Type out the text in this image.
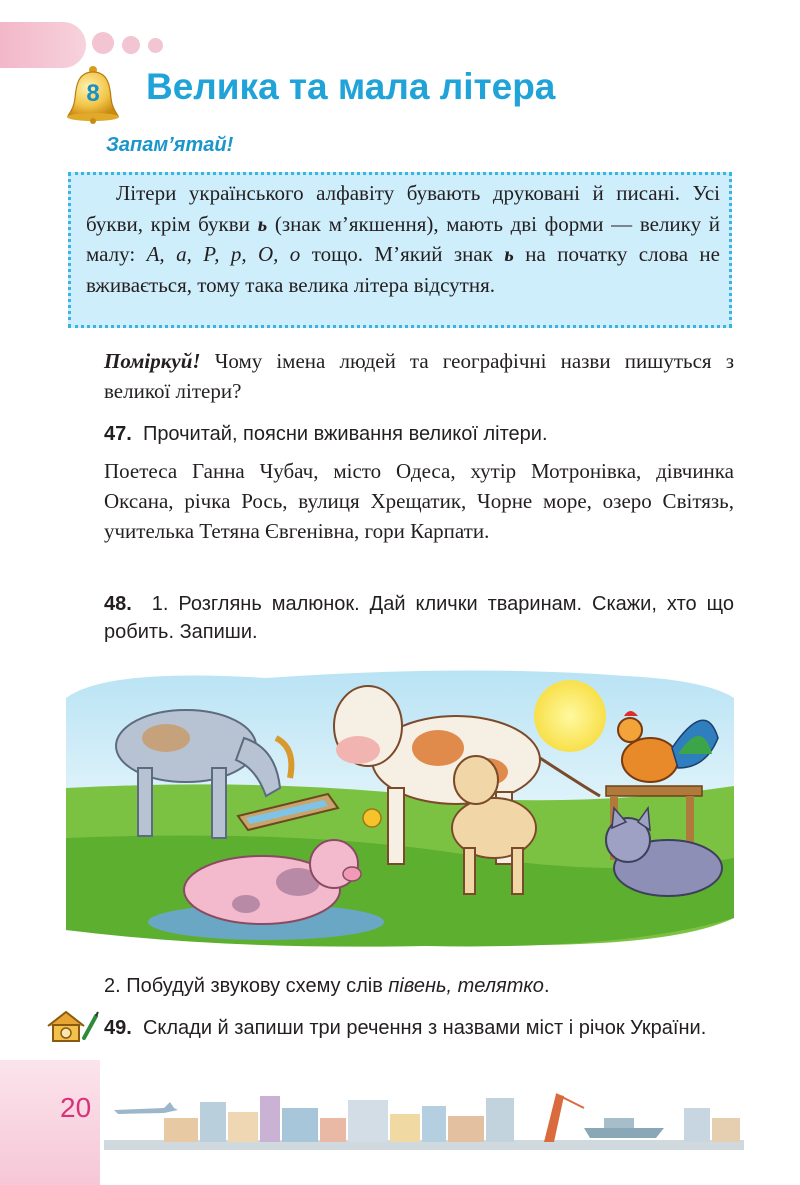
8 Велика та мала літера
Запам’ятай!
Літери українського алфавіту бувають друковані й писані. Усі букви, крім букви ь (знак м’якшення), мають дві форми — велику й малу: А, а, Р, р, О, о тощо. М’який знак ь на початку слова не вживається, тому така велика літера відсутня.
Поміркуй! Чому імена людей та географічні назви пишуться з великої літери?
47. Прочитай, поясни вживання великої літери.
Поетеса Ганна Чубач, місто Одеса, хутір Мотронівка, дівчинка Оксана, річка Рось, вулиця Хрещатик, Чорне море, озеро Світязь, учителька Тетяна Євгенівна, гори Карпати.
48. 1. Розглянь малюнок. Дай клички тваринам. Скажи, хто що робить. Запиши.
2. Побудуй звукову схему слів півень, телятко.
49. Склади й запиши три речення з назвами міст і річок України.
20
